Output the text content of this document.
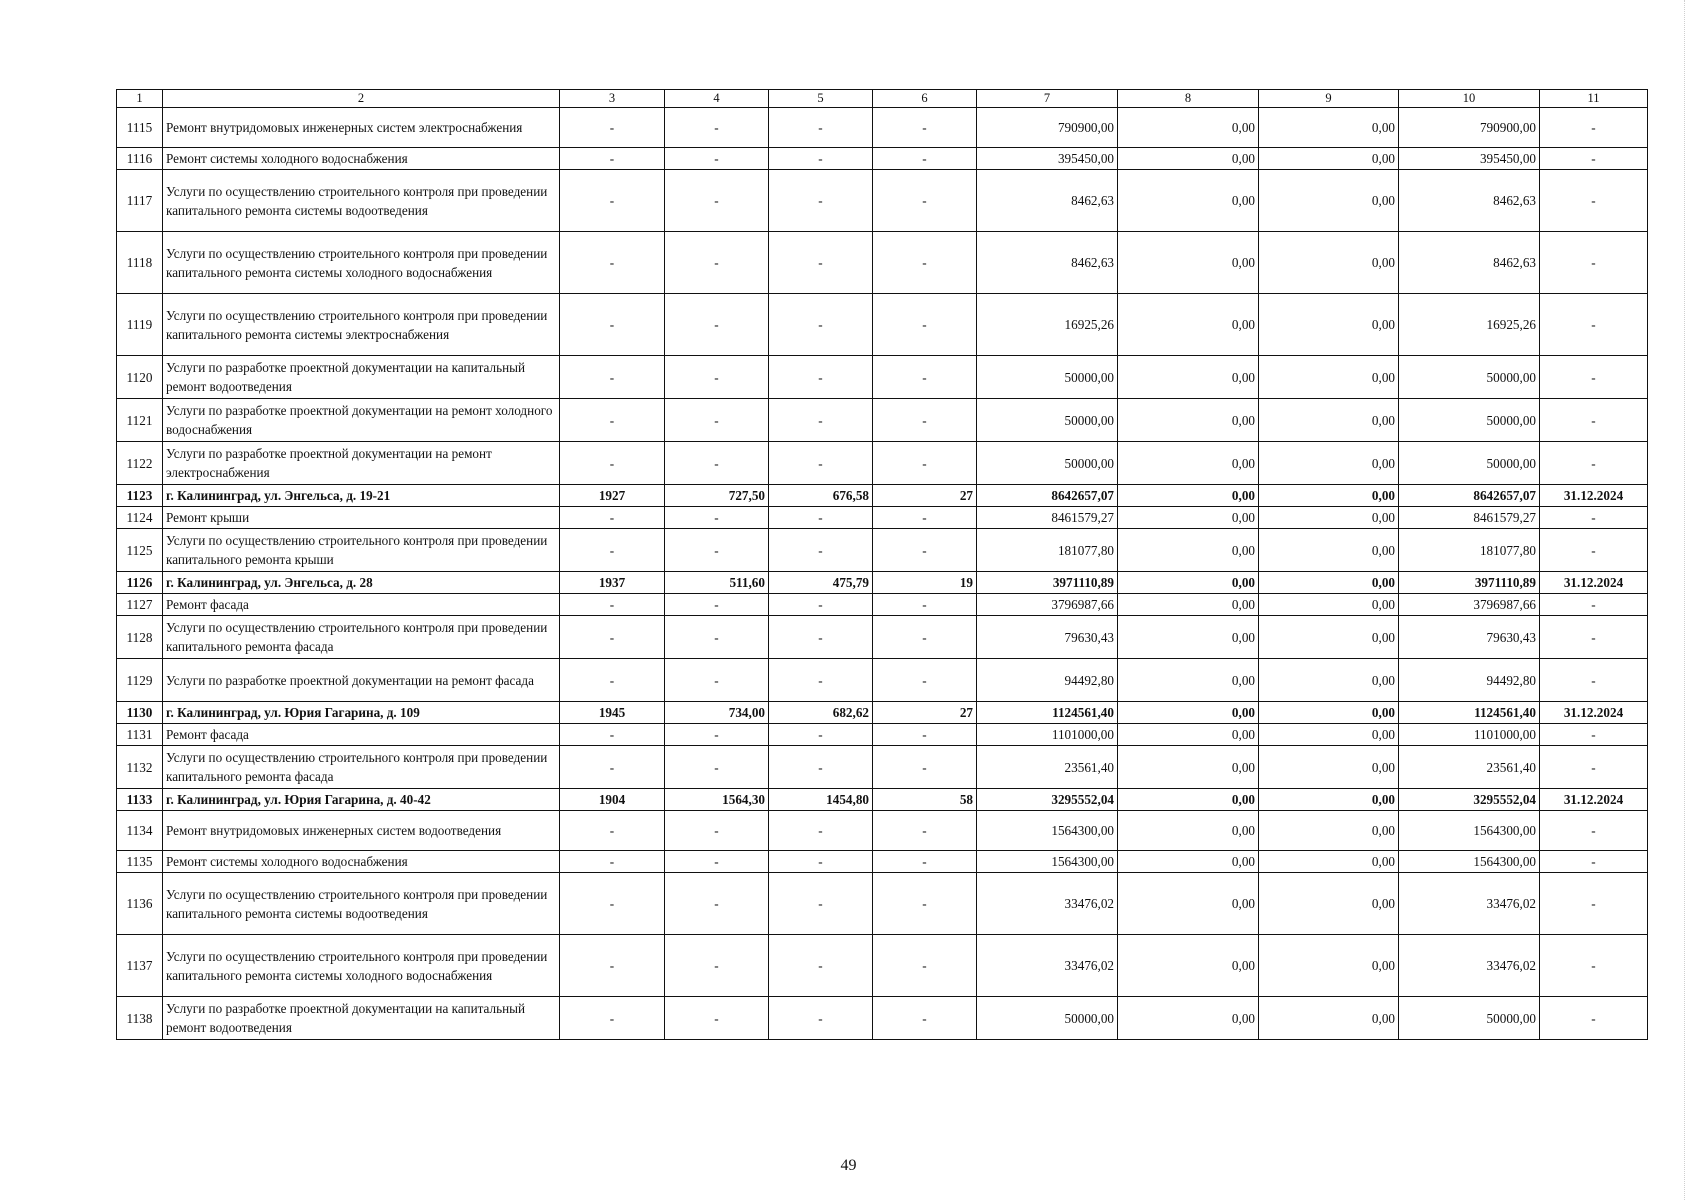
1	2	3	4	5	6	7	8	9	10	11
1115	Ремонт внутридомовых инженерных систем электроснабжения	-	-	-	-	790900,00	0,00	0,00	790900,00	-
1116	Ремонт системы холодного водоснабжения	-	-	-	-	395450,00	0,00	0,00	395450,00	-
1117	Услуги по осуществлению строительного контроля при проведении капитального ремонта системы водоотведения	-	-	-	-	8462,63	0,00	0,00	8462,63	-
1118	Услуги по осуществлению строительного контроля при проведении капитального ремонта системы холодного водоснабжения	-	-	-	-	8462,63	0,00	0,00	8462,63	-
1119	Услуги по осуществлению строительного контроля при проведении капитального ремонта системы электроснабжения	-	-	-	-	16925,26	0,00	0,00	16925,26	-
1120	Услуги по разработке проектной документации на капитальный ремонт водоотведения	-	-	-	-	50000,00	0,00	0,00	50000,00	-
1121	Услуги по разработке проектной документации на ремонт холодного водоснабжения	-	-	-	-	50000,00	0,00	0,00	50000,00	-
1122	Услуги по разработке проектной документации на ремонт электроснабжения	-	-	-	-	50000,00	0,00	0,00	50000,00	-
1123	г. Калининград, ул. Энгельса, д. 19-21	1927	727,50	676,58	27	8642657,07	0,00	0,00	8642657,07	31.12.2024
1124	Ремонт крыши	-	-	-	-	8461579,27	0,00	0,00	8461579,27	-
1125	Услуги по осуществлению строительного контроля при проведении капитального ремонта крыши	-	-	-	-	181077,80	0,00	0,00	181077,80	-
1126	г. Калининград, ул. Энгельса, д. 28	1937	511,60	475,79	19	3971110,89	0,00	0,00	3971110,89	31.12.2024
1127	Ремонт фасада	-	-	-	-	3796987,66	0,00	0,00	3796987,66	-
1128	Услуги по осуществлению строительного контроля при проведении капитального ремонта фасада	-	-	-	-	79630,43	0,00	0,00	79630,43	-
1129	Услуги по разработке проектной документации на ремонт фасада	-	-	-	-	94492,80	0,00	0,00	94492,80	-
1130	г. Калининград, ул. Юрия Гагарина, д. 109	1945	734,00	682,62	27	1124561,40	0,00	0,00	1124561,40	31.12.2024
1131	Ремонт фасада	-	-	-	-	1101000,00	0,00	0,00	1101000,00	-
1132	Услуги по осуществлению строительного контроля при проведении капитального ремонта фасада	-	-	-	-	23561,40	0,00	0,00	23561,40	-
1133	г. Калининград, ул. Юрия Гагарина, д. 40-42	1904	1564,30	1454,80	58	3295552,04	0,00	0,00	3295552,04	31.12.2024
1134	Ремонт внутридомовых инженерных систем водоотведения	-	-	-	-	1564300,00	0,00	0,00	1564300,00	-
1135	Ремонт системы холодного водоснабжения	-	-	-	-	1564300,00	0,00	0,00	1564300,00	-
1136	Услуги по осуществлению строительного контроля при проведении капитального ремонта системы водоотведения	-	-	-	-	33476,02	0,00	0,00	33476,02	-
1137	Услуги по осуществлению строительного контроля при проведении капитального ремонта системы холодного водоснабжения	-	-	-	-	33476,02	0,00	0,00	33476,02	-
1138	Услуги по разработке проектной документации на капитальный ремонт водоотведения	-	-	-	-	50000,00	0,00	0,00	50000,00	-
49
